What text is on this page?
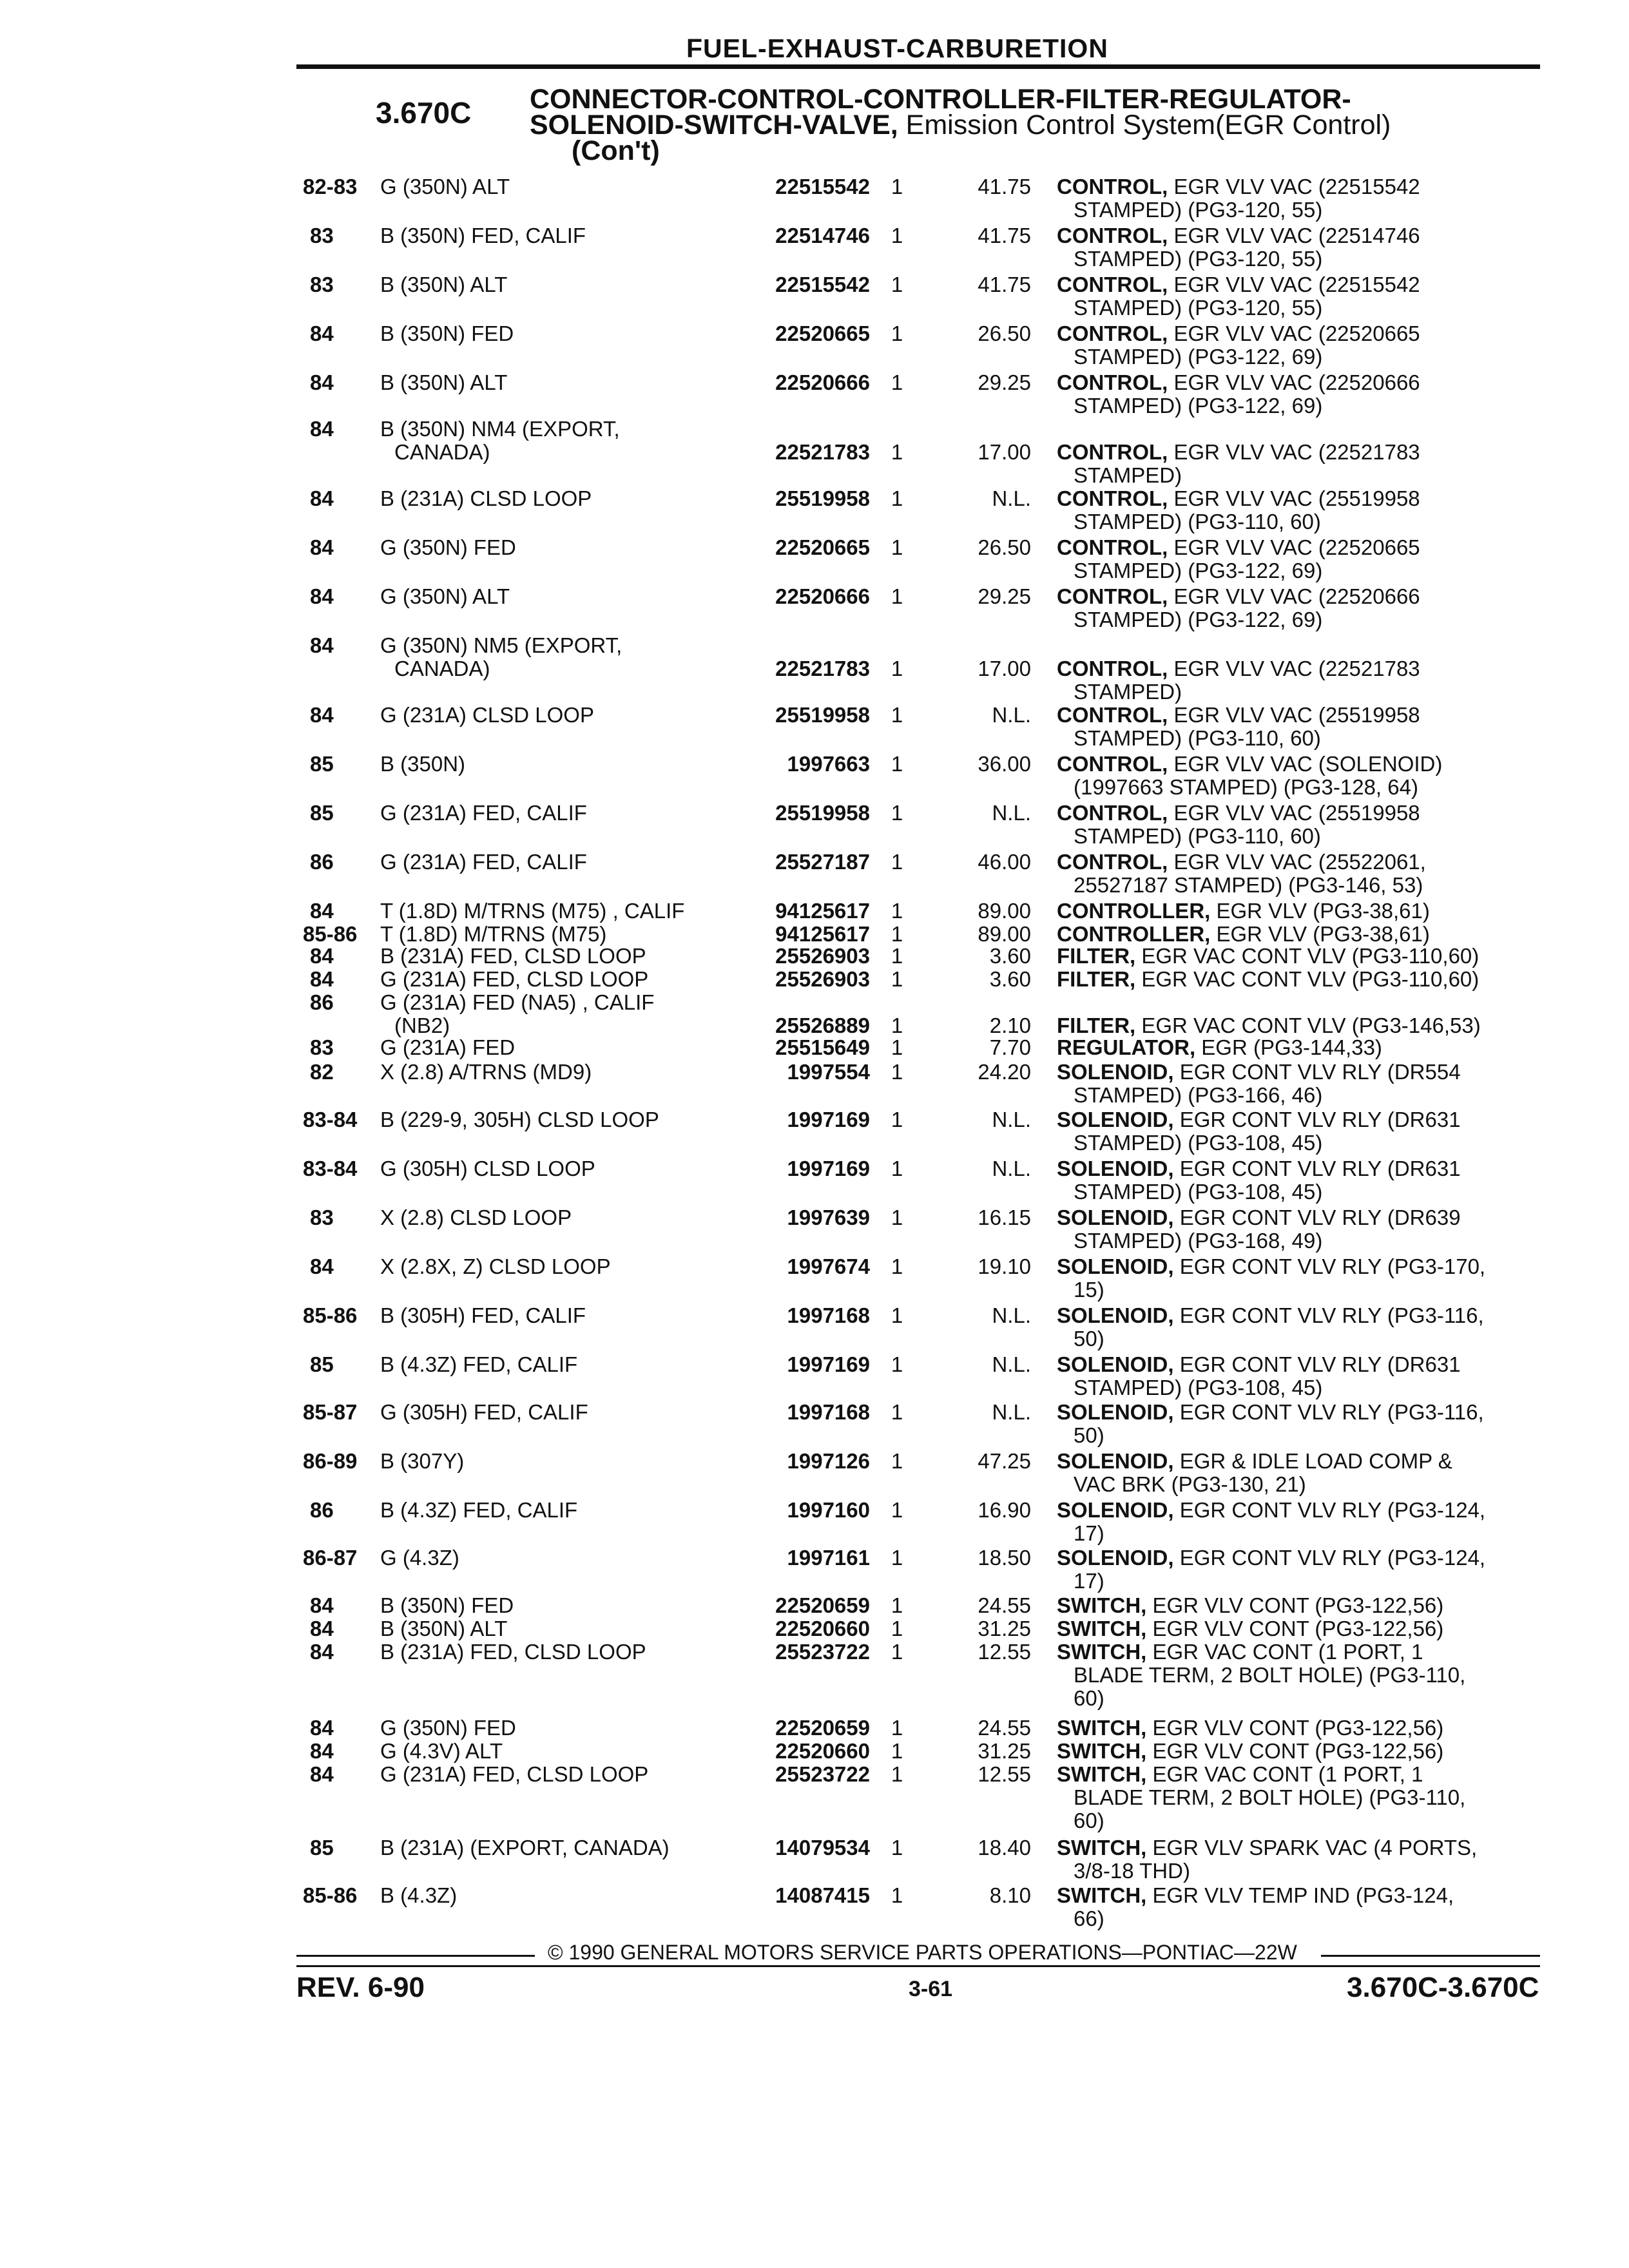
FUEL-EXHAUST-CARBURETION
3.670C CONNECTOR-CONTROL-CONTROLLER-FILTER-REGULATOR-
SOLENOID-SWITCH-VALVE, Emission Control System(EGR Control)
(Con't)
82-83	G (350N) ALT	22515542 1	41.75 CONTROL, EGR VLV VAC (22515542
STAMPED) (PG3-120, 55)
83	B (350N) FED, CALIF	22514746 1	41.75 CONTROL, EGR VLV VAC (22514746
STAMPED) (PG3-120, 55)
83	B (350N) ALT	22515542 1	41.75 CONTROL, EGR VLV VAC (22515542
STAMPED) (PG3-120, 55)
84	B (350N) FED	22520665 1	26.50 CONTROL, EGR VLV VAC (22520665
STAMPED) (PG3-122, 69)
84	B (350N) ALT	22520666 1	29.25 CONTROL, EGR VLV VAC (22520666
STAMPED) (PG3-122, 69)
84	B (350N) NM4 (EXPORT,
CANADA)	22521783 1	17.00 CONTROL, EGR VLV VAC (22521783
STAMPED)
84	B (231A) CLSD LOOP	25519958 1	N.L. CONTROL, EGR VLV VAC (25519958
STAMPED) (PG3-110, 60)
84	G (350N) FED	22520665 1	26.50 CONTROL, EGR VLV VAC (22520665
STAMPED) (PG3-122, 69)
84	G (350N) ALT	22520666 1	29.25 CONTROL, EGR VLV VAC (22520666
STAMPED) (PG3-122, 69)
84	G (350N) NM5 (EXPORT,
CANADA)	22521783 1	17.00 CONTROL, EGR VLV VAC (22521783
STAMPED)
84	G (231A) CLSD LOOP	25519958 1	N.L. CONTROL, EGR VLV VAC (25519958
STAMPED) (PG3-110, 60)
85	B (350N)	1997663 1	36.00 CONTROL, EGR VLV VAC (SOLENOID)
(1997663 STAMPED) (PG3-128, 64)
85	G (231A) FED, CALIF	25519958 1	N.L. CONTROL, EGR VLV VAC (25519958
STAMPED) (PG3-110, 60)
86	G (231A) FED, CALIF	25527187 1	46.00 CONTROL, EGR VLV VAC (25522061,
25527187 STAMPED) (PG3-146, 53)
84	T (1.8D) M/TRNS (M75) , CALIF	94125617 1	89.00 CONTROLLER, EGR VLV (PG3-38,61)
85-86	T (1.8D) M/TRNS (M75)	94125617 1	89.00 CONTROLLER, EGR VLV (PG3-38,61)
84	B (231A) FED, CLSD LOOP	25526903 1	3.60 FILTER, EGR VAC CONT VLV (PG3-110,60)
84	G (231A) FED, CLSD LOOP	25526903 1	3.60 FILTER, EGR VAC CONT VLV (PG3-110,60)
86	G (231A) FED (NA5) , CALIF
(NB2)	25526889 1	2.10 FILTER, EGR VAC CONT VLV (PG3-146,53)
83	G (231A) FED	25515649 1	7.70 REGULATOR, EGR (PG3-144,33)
82	X (2.8) A/TRNS (MD9)	1997554 1	24.20 SOLENOID, EGR CONT VLV RLY (DR554
STAMPED) (PG3-166, 46)
83-84	B (229-9, 305H) CLSD LOOP	1997169 1	N.L. SOLENOID, EGR CONT VLV RLY (DR631
STAMPED) (PG3-108, 45)
83-84	G (305H) CLSD LOOP	1997169 1	N.L. SOLENOID, EGR CONT VLV RLY (DR631
STAMPED) (PG3-108, 45)
83	X (2.8) CLSD LOOP	1997639 1	16.15 SOLENOID, EGR CONT VLV RLY (DR639
STAMPED) (PG3-168, 49)
84	X (2.8X, Z) CLSD LOOP	1997674 1	19.10 SOLENOID, EGR CONT VLV RLY (PG3-170,
15)
85-86	B (305H) FED, CALIF	1997168 1	N.L. SOLENOID, EGR CONT VLV RLY (PG3-116,
50)
85	B (4.3Z) FED, CALIF	1997169 1	N.L. SOLENOID, EGR CONT VLV RLY (DR631
STAMPED) (PG3-108, 45)
85-87	G (305H) FED, CALIF	1997168 1	N.L. SOLENOID, EGR CONT VLV RLY (PG3-116,
50)
86-89	B (307Y)	1997126 1	47.25 SOLENOID, EGR & IDLE LOAD COMP &
VAC BRK (PG3-130, 21)
86	B (4.3Z) FED, CALIF	1997160 1	16.90 SOLENOID, EGR CONT VLV RLY (PG3-124,
17)
86-87	G (4.3Z)	1997161 1	18.50 SOLENOID, EGR CONT VLV RLY (PG3-124,
17)
84	B (350N) FED	22520659 1	24.55 SWITCH, EGR VLV CONT (PG3-122,56)
84	B (350N) ALT	22520660 1	31.25 SWITCH, EGR VLV CONT (PG3-122,56)
84	B (231A) FED, CLSD LOOP	25523722 1	12.55 SWITCH, EGR VAC CONT (1 PORT, 1
BLADE TERM, 2 BOLT HOLE) (PG3-110,
60)
84	G (350N) FED	22520659 1	24.55 SWITCH, EGR VLV CONT (PG3-122,56)
84	G (4.3V) ALT	22520660 1	31.25 SWITCH, EGR VLV CONT (PG3-122,56)
84	G (231A) FED, CLSD LOOP	25523722 1	12.55 SWITCH, EGR VAC CONT (1 PORT, 1
BLADE TERM, 2 BOLT HOLE) (PG3-110,
60)
85	B (231A) (EXPORT, CANADA)	14079534 1	18.40 SWITCH, EGR VLV SPARK VAC (4 PORTS,
3/8-18 THD)
85-86	B (4.3Z)	14087415 1	8.10 SWITCH, EGR VLV TEMP IND (PG3-124,
66)
© 1990 GENERAL MOTORS SERVICE PARTS OPERATIONS—PONTIAC—22W
REV. 6-90	3-61	3.670C-3.670C
